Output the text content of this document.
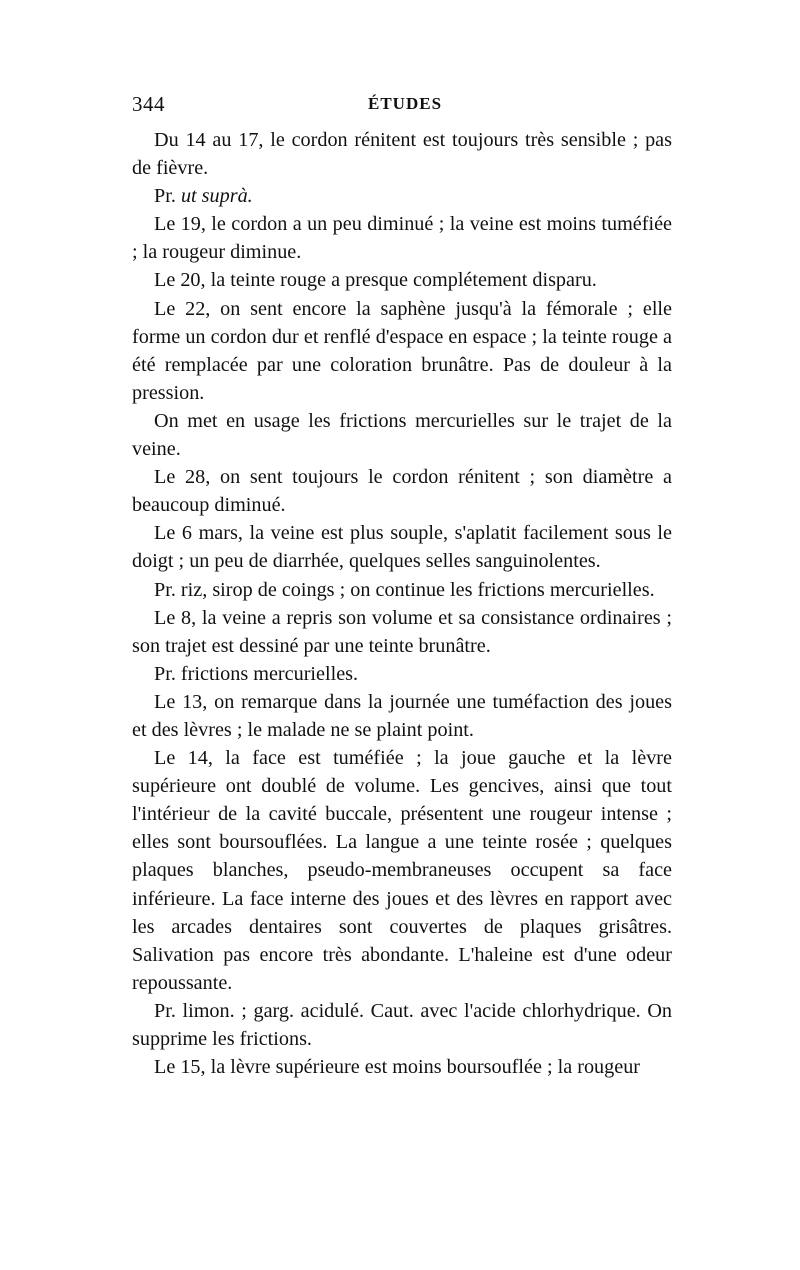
344	ÉTUDES

Du 14 au 17, le cordon rénitent est toujours très sensible ; pas de fièvre.

Pr. ut suprà.

Le 19, le cordon a un peu diminué ; la veine est moins tuméfiée ; la rougeur diminue.

Le 20, la teinte rouge a presque complétement disparu.

Le 22, on sent encore la saphène jusqu'à la fémorale ; elle forme un cordon dur et renflé d'espace en espace ; la teinte rouge a été remplacée par une coloration brunâtre. Pas de douleur à la pression.

On met en usage les frictions mercurielles sur le trajet de la veine.

Le 28, on sent toujours le cordon rénitent ; son diamètre a beaucoup diminué.

Le 6 mars, la veine est plus souple, s'aplatit facilement sous le doigt ; un peu de diarrhée, quelques selles sanguinolentes.

Pr. riz, sirop de coings ; on continue les frictions mercurielles.

Le 8, la veine a repris son volume et sa consistance ordinaires ; son trajet est dessiné par une teinte brunâtre.

Pr. frictions mercurielles.

Le 13, on remarque dans la journée une tuméfaction des joues et des lèvres ; le malade ne se plaint point.

Le 14, la face est tuméfiée ; la joue gauche et la lèvre supérieure ont doublé de volume. Les gencives, ainsi que tout l'intérieur de la cavité buccale, présentent une rougeur intense ; elles sont boursouflées. La langue a une teinte rosée ; quelques plaques blanches, pseudo-membraneuses occupent sa face inférieure. La face interne des joues et des lèvres en rapport avec les arcades dentaires sont couvertes de plaques grisâtres. Salivation pas encore très abondante. L'haleine est d'une odeur repoussante.

Pr. limon. ; garg. acidulé. Caut. avec l'acide chlorhydrique. On supprime les frictions.

Le 15, la lèvre supérieure est moins boursouflée ; la rougeur
